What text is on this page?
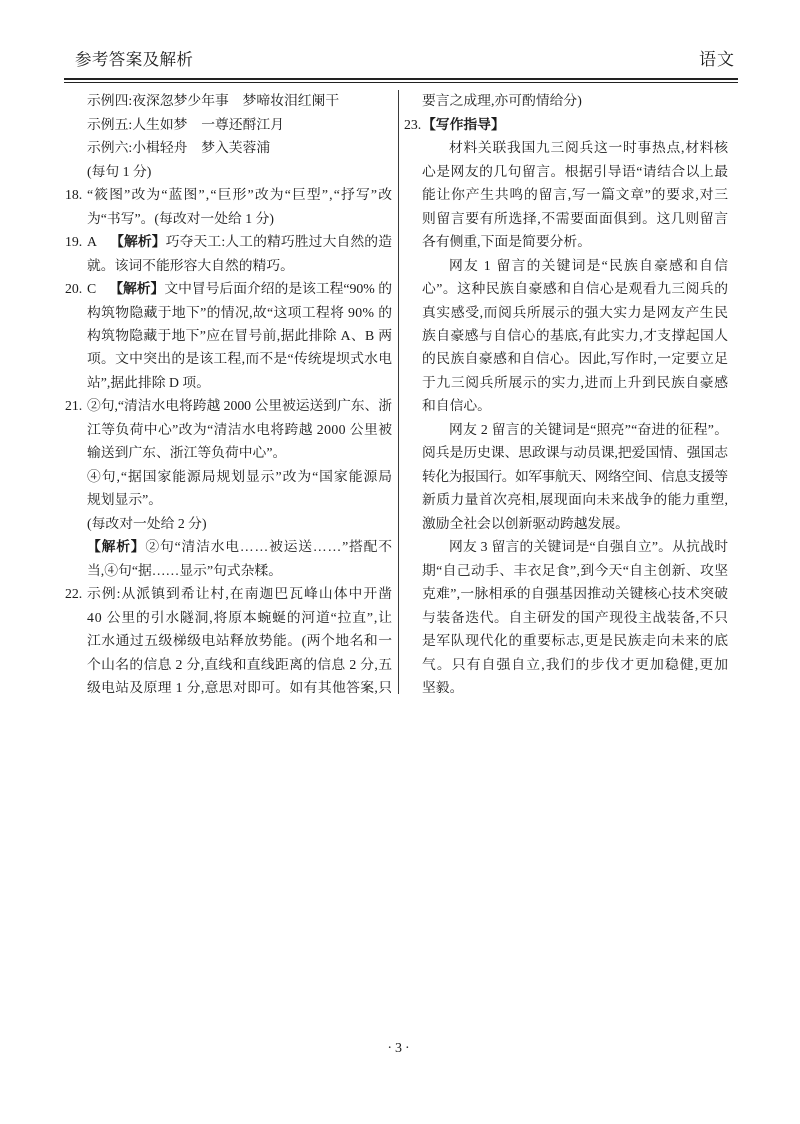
参考答案及解析	语文
示例四:夜深忽梦少年事　梦啼妆泪红阑干
示例五:人生如梦　一尊还酹江月
示例六:小楫轻舟　梦入芙蓉浦
(每句 1 分)
18. “筱图”改为“蓝图”,“巨形”改为“巨型”,“抒写”改
为“书写”。(每改对一处给 1 分)
19. A 【解析】巧夺天工:人工的精巧胜过大自然的造
就。该词不能形容大自然的精巧。
20. C 【解析】文中冒号后面介绍的是该工程“90% 的
构筑物隐藏于地下”的情况,故“这项工程将 90% 的
构筑物隐藏于地下”应在冒号前,据此排除 A、B 两
项。文中突出的是该工程,而不是“传统堤坝式水电
站”,据此排除 D 项。
21. ②句,“清洁水电将跨越 2000 公里被运送到广东、浙
江等负荷中心”改为“清洁水电将跨越 2000 公里被
输送到广东、浙江等负荷中心”。
④句,“据国家能源局规划显示”改为“国家能源局
规划显示”。
(每改对一处给 2 分)
【解析】②句“清洁水电……被运送……”搭配不
当,④句“据……显示”句式杂糅。
22. 示例:从派镇到希让村,在南迦巴瓦峰山体中开凿
40 公里的引水隧洞,将原本蜿蜒的河道“拉直”,让
江水通过五级梯级电站释放势能。(两个地名和一
个山名的信息 2 分,直线和直线距离的信息 2 分,五
级电站及原理 1 分,意思对即可。如有其他答案,只
要言之成理,亦可酌情给分)
23. 【写作指导】
材料关联我国九三阅兵这一时事热点,材料核
心是网友的几句留言。根据引导语“请结合以上最
能让你产生共鸣的留言,写一篇文章”的要求,对三
则留言要有所选择,不需要面面俱到。这几则留言
各有侧重,下面是简要分析。
网友 1 留言的关键词是“民族自豪感和自信
心”。这种民族自豪感和自信心是观看九三阅兵的
真实感受,而阅兵所展示的强大实力是网友产生民
族自豪感与自信心的基底,有此实力,才支撑起国人
的民族自豪感和自信心。因此,写作时,一定要立足
于九三阅兵所展示的实力,进而上升到民族自豪感
和自信心。
网友 2 留言的关键词是“照亮”“奋进的征程”。
阅兵是历史课、思政课与动员课,把爱国情、强国志
转化为报国行。如军事航天、网络空间、信息支援等
新质力量首次亮相,展现面向未来战争的能力重塑,
激励全社会以创新驱动跨越发展。
网友 3 留言的关键词是“自强自立”。从抗战时
期“自己动手、丰衣足食”,到今天“自主创新、攻坚
克难”,一脉相承的自强基因推动关键核心技术突破
与装备迭代。自主研发的国产现役主战装备,不只
是军队现代化的重要标志,更是民族走向未来的底
气。只有自强自立,我们的步伐才更加稳健,更加
坚毅。
·3·
